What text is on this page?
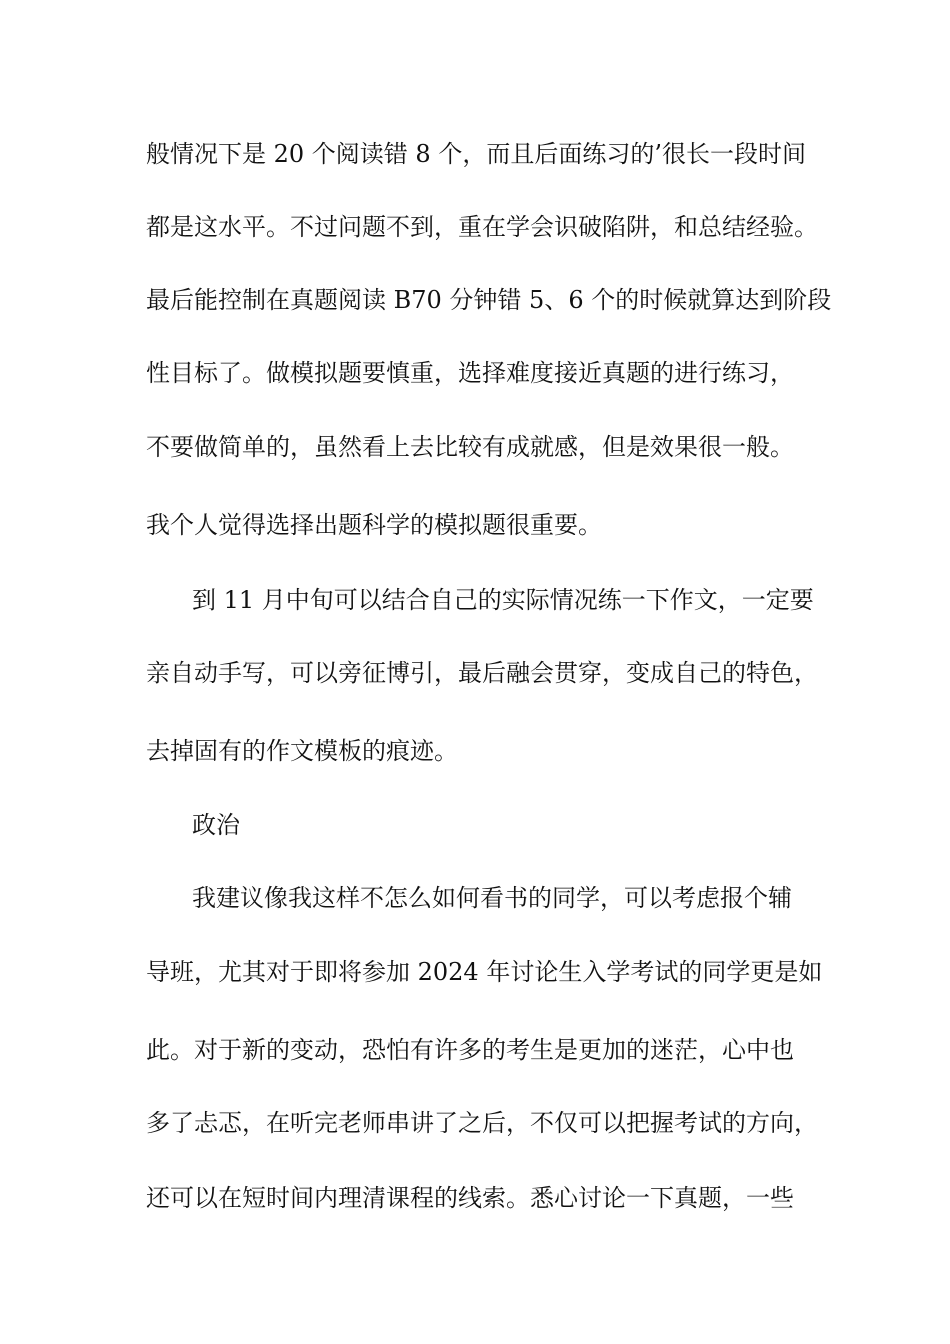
般情况下是 20 个阅读错 8 个，而且后面练习的’很长一段时间
都是这水平。不过问题不到，重在学会识破陷阱，和总结经验。
最后能控制在真题阅读 B70 分钟错 5、6 个的时候就算达到阶段
性目标了。做模拟题要慎重，选择难度接近真题的进行练习，
不要做简单的，虽然看上去比较有成就感，但是效果很一般。
我个人觉得选择出题科学的模拟题很重要。
到 11 月中旬可以结合自己的实际情况练一下作文，一定要
亲自动手写，可以旁征博引，最后融会贯穿，变成自己的特色，
去掉固有的作文模板的痕迹。
政治
我建议像我这样不怎么如何看书的同学，可以考虑报个辅
导班，尤其对于即将参加 2024 年讨论生入学考试的同学更是如
此。对于新的变动，恐怕有许多的考生是更加的迷茫，心中也
多了忐忑，在听完老师串讲了之后，不仅可以把握考试的方向，
还可以在短时间内理清课程的线索。悉心讨论一下真题，一些
